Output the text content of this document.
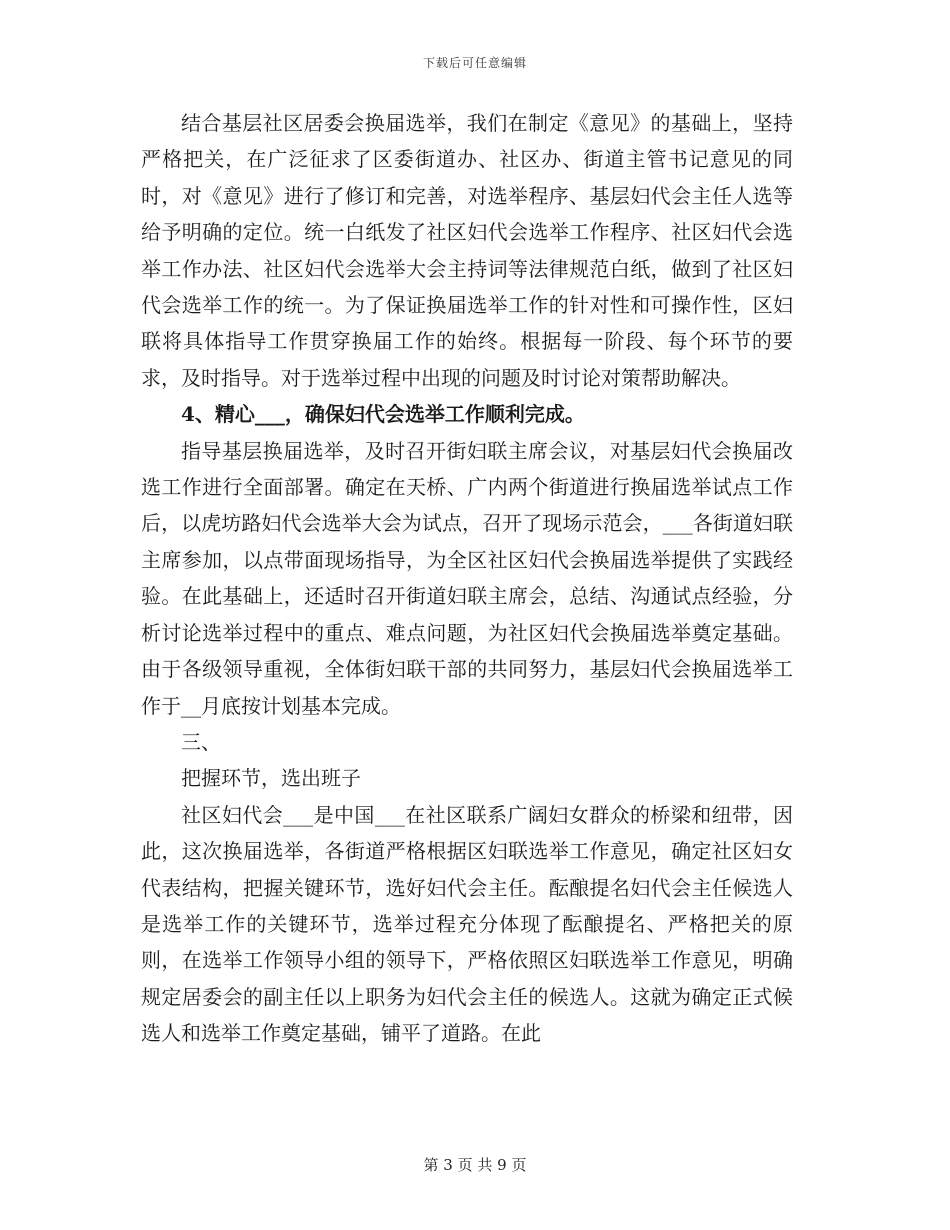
下载后可任意编辑

结合基层社区居委会换届选举，我们在制定《意见》的基础上，坚持严格把关，在广泛征求了区委街道办、社区办、街道主管书记意见的同时，对《意见》进行了修订和完善，对选举程序、基层妇代会主任人选等给予明确的定位。统一白纸发了社区妇代会选举工作程序、社区妇代会选举工作办法、社区妇代会选举大会主持词等法律规范白纸，做到了社区妇代会选举工作的统一。为了保证换届选举工作的针对性和可操作性，区妇联将具体指导工作贯穿换届工作的始终。根据每一阶段、每个环节的要求，及时指导。对于选举过程中出现的问题及时讨论对策帮助解决。

4、精心___，确保妇代会选举工作顺利完成。

指导基层换届选举，及时召开街妇联主席会议，对基层妇代会换届改选工作进行全面部署。确定在天桥、广内两个街道进行换届选举试点工作后，以虎坊路妇代会选举大会为试点，召开了现场示范会，___各街道妇联主席参加，以点带面现场指导，为全区社区妇代会换届选举提供了实践经验。在此基础上，还适时召开街道妇联主席会，总结、沟通试点经验，分析讨论选举过程中的重点、难点问题，为社区妇代会换届选举奠定基础。由于各级领导重视，全体街妇联干部的共同努力，基层妇代会换届选举工作于__月底按计划基本完成。

三、

把握环节，选出班子

社区妇代会___是中国___在社区联系广阔妇女群众的桥梁和纽带，因此，这次换届选举，各街道严格根据区妇联选举工作意见，确定社区妇女代表结构，把握关键环节，选好妇代会主任。酝酿提名妇代会主任候选人是选举工作的关键环节，选举过程充分体现了酝酿提名、严格把关的原则，在选举工作领导小组的领导下，严格依照区妇联选举工作意见，明确规定居委会的副主任以上职务为妇代会主任的候选人。这就为确定正式候选人和选举工作奠定基础，铺平了道路。在此

第 3 页 共 9 页
